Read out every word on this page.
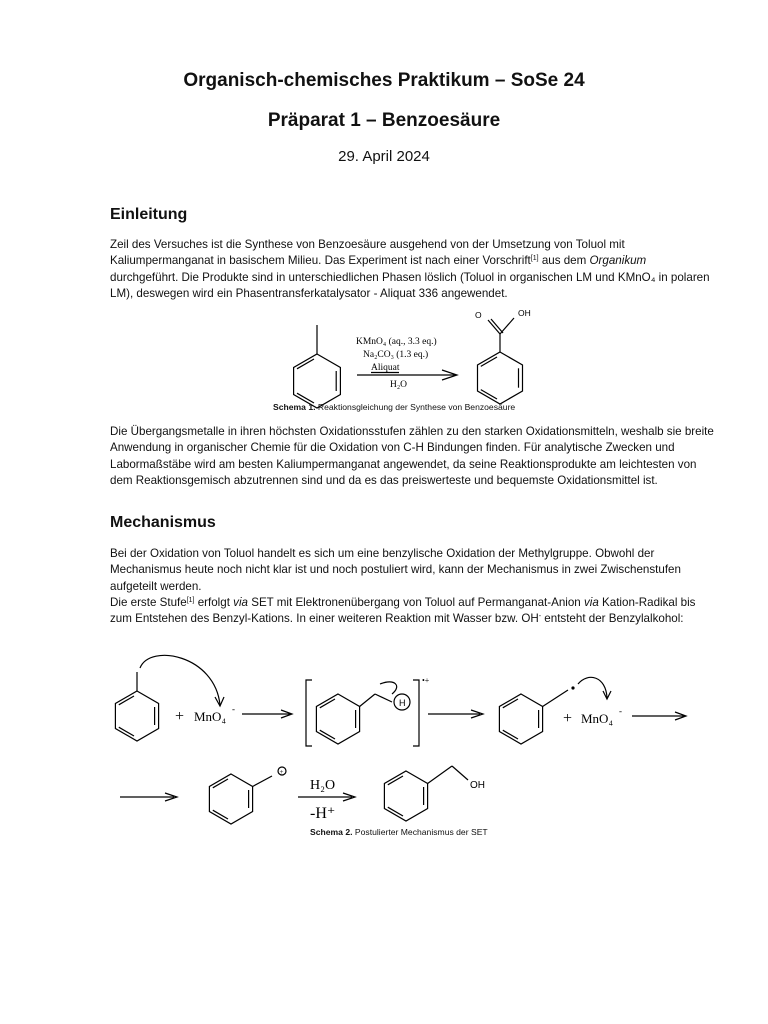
Organisch-chemisches Praktikum – SoSe 24
Präparat 1 – Benzoesäure
29. April 2024
Einleitung

Zeil des Versuches ist die Synthese von Benzoesäure ausgehend von der Umsetzung von Toluol mit Kaliumpermanganat in basischem Milieu. Das Experiment ist nach einer Vorschrift[1] aus dem Organikum durchgeführt. Die Produkte sind in unterschiedlichen Phasen löslich (Toluol in organischen LM und KMnO₄ in polaren LM), deswegen wird ein Phasentransferkatalysator - Aliquat 336 angewendet.

KMnO₄ (aq., 3.3 eq.)
Na₂CO₃ (1.3 eq.)
Aliquat
H₂O
O	OH
Schema 1. Reaktionsgleichung der Synthese von Benzoesäure

Die Übergangsmetalle in ihren höchsten Oxidationsstufen zählen zu den starken Oxidationsmitteln, weshalb sie breite Anwendung in organischer Chemie für die Oxidation von C-H Bindungen finden. Für analytische Zwecken und Labormaßstäbe wird am besten Kaliumpermanganat angewendet, da seine Reaktionsprodukte am leichtesten von dem Reaktionsgemisch abzutrennen sind und da es das preiswerteste und bequemste Oxidationsmittel ist.

Mechanismus

Bei der Oxidation von Toluol handelt es sich um eine benzylische Oxidation der Methylgruppe. Obwohl der Mechanismus heute noch nicht klar ist und noch postuliert wird, kann der Mechanismus in zwei Zwischenstufen aufgeteilt werden.

Die erste Stufe[1] erfolgt via SET mit Elektronenübergang von Toluol auf Permanganat-Anion via Kation-Radikal bis zum Entstehen des Benzyl-Kations. In einer weiteren Reaktion mit Wasser bzw. OH- entsteht der Benzylalkohol:

+ MnO₄ -
H
•+
+ MnO₄ -
+
H₂O
-H⁺
OH
Schema 2. Postulierter Mechanismus der SET
